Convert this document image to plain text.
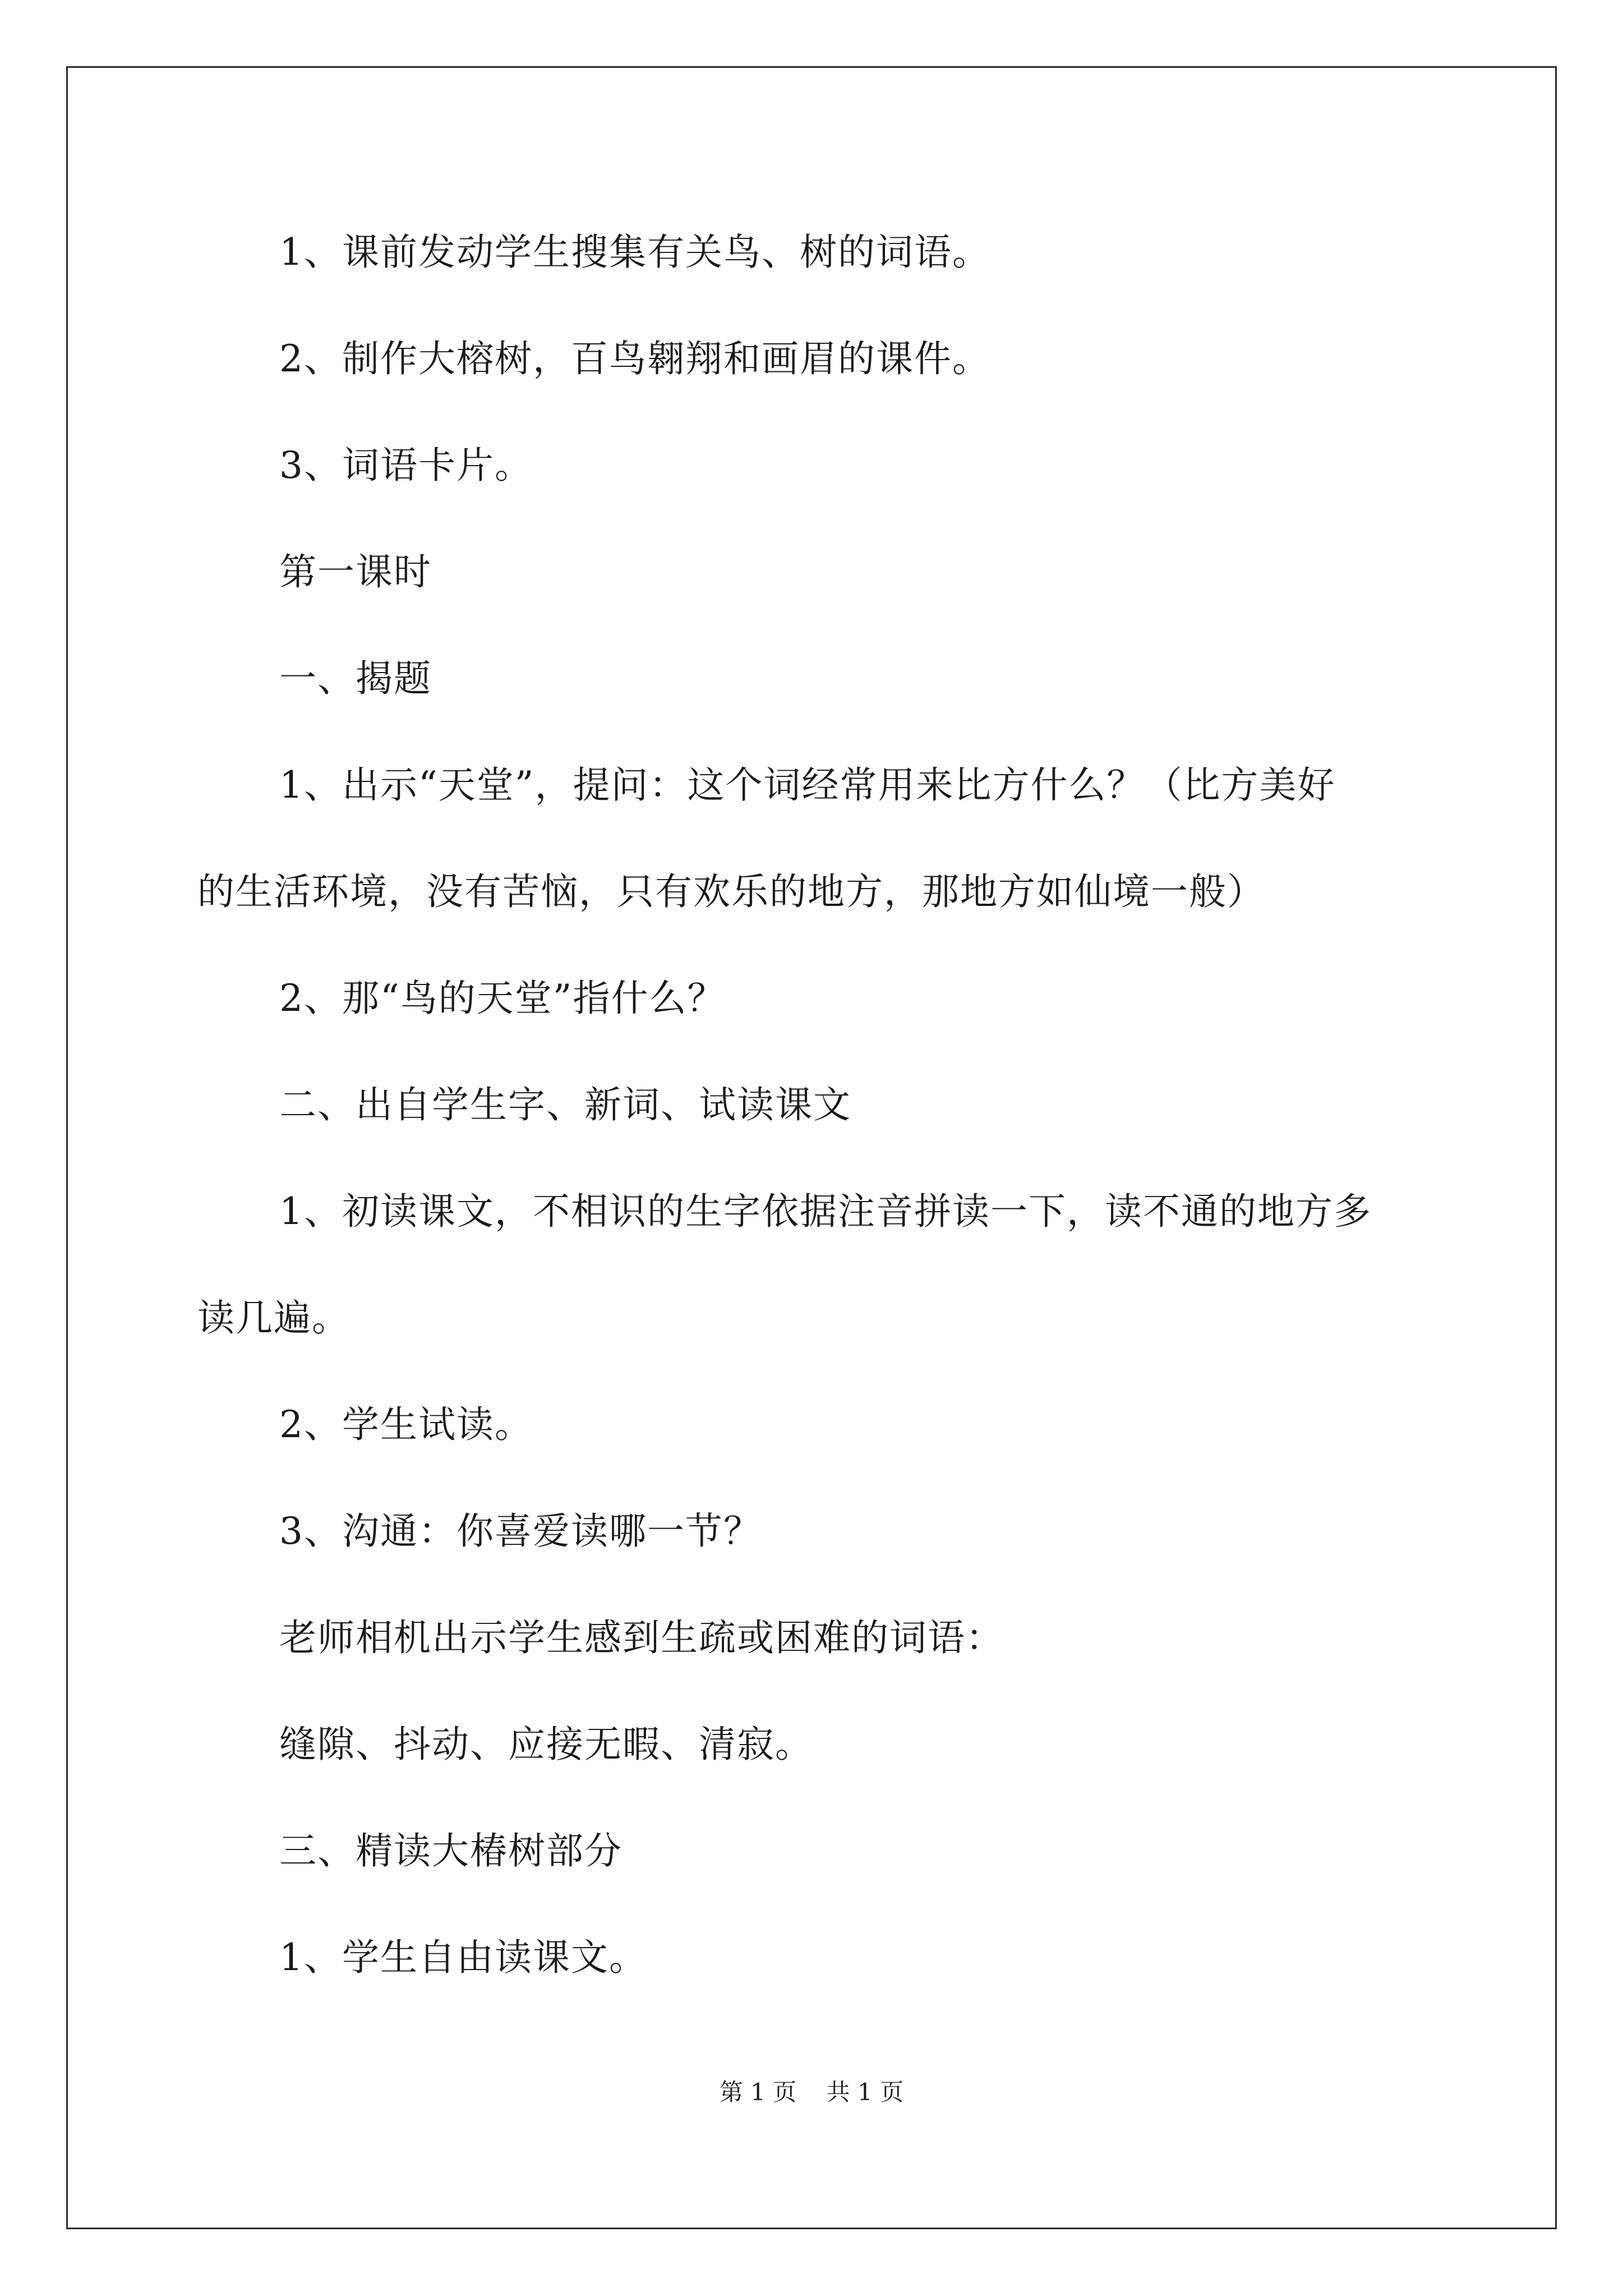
1、课前发动学生搜集有关鸟、树的词语。
2、制作大榕树，百鸟翱翔和画眉的课件。
3、词语卡片。
第一课时
一、揭题
1、出示“天堂”，提问：这个词经常用来比方什么？（比方美好
的生活环境，没有苦恼，只有欢乐的地方，那地方如仙境一般）
2、那“鸟的天堂”指什么？
二、出自学生字、新词、试读课文
1、初读课文，不相识的生字依据注音拼读一下，读不通的地方多
读几遍。
2、学生试读。
3、沟通：你喜爱读哪一节？
老师相机出示学生感到生疏或困难的词语：
缝隙、抖动、应接无暇、清寂。
三、精读大椿树部分
1、学生自由读课文。
第 1 页 共 1 页
